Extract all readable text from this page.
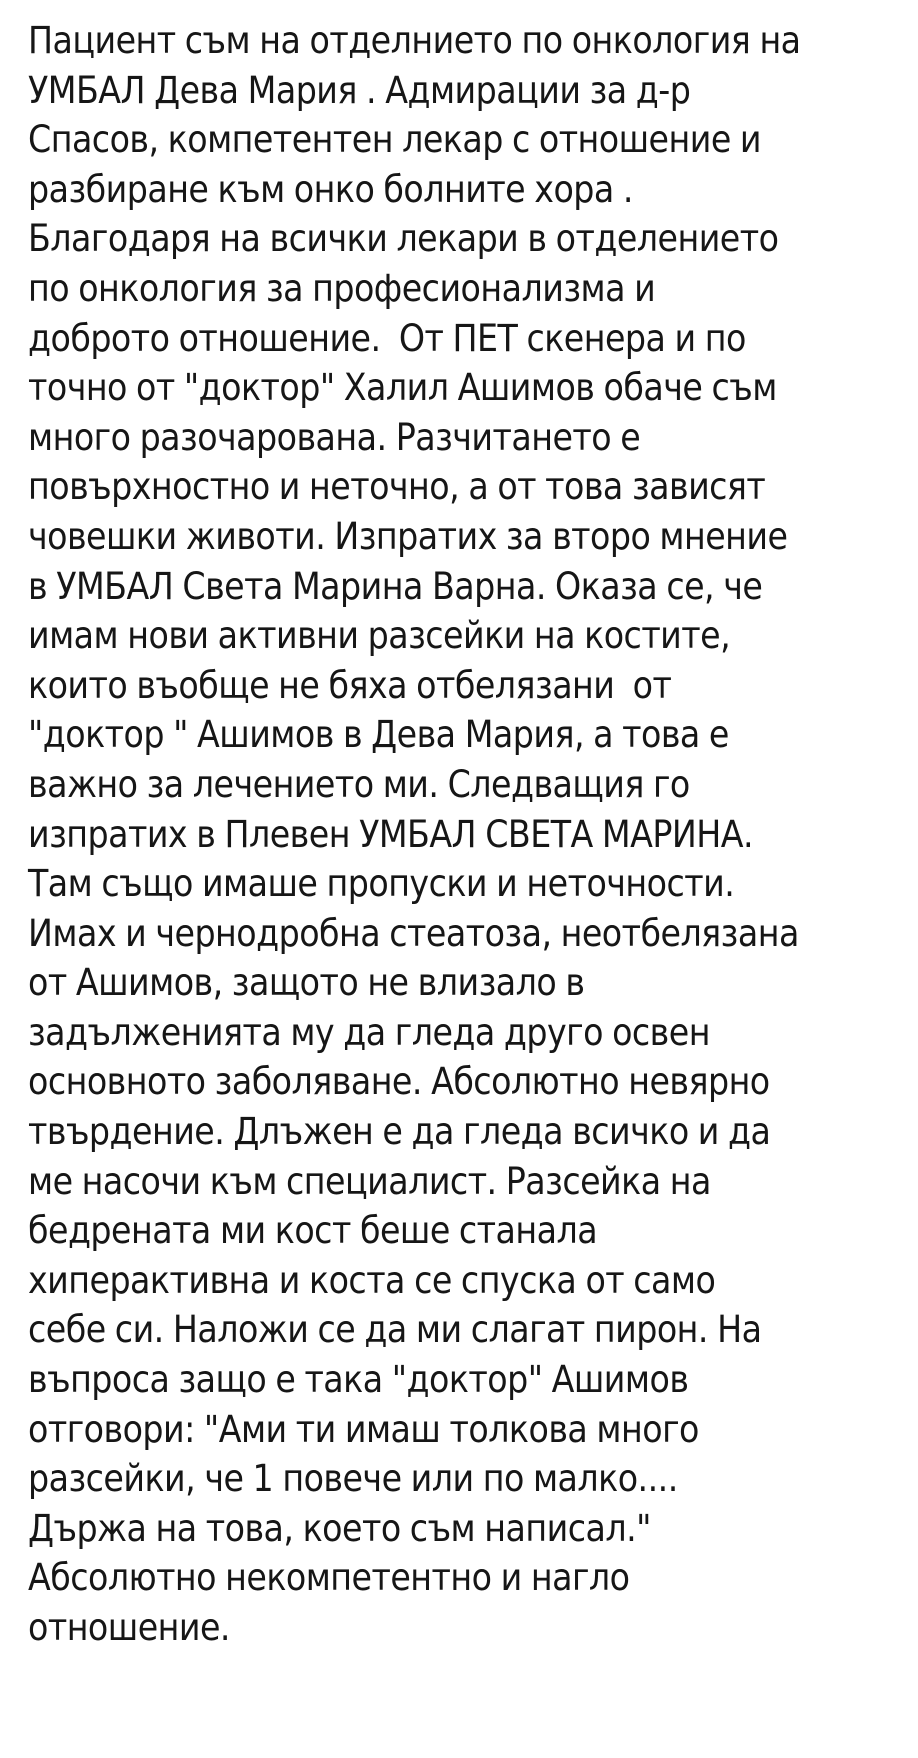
Пациент съм на отделнието по онкология на
УМБАЛ Дева Мария . Адмирации за д-р
Спасов, компетентен лекар с отношение и
разбиране към онко болните хора .
Благодаря на всички лекари в отделението
по онкология за професионализма и
доброто отношение.  От ПЕТ скенера и по
точно от "доктор" Халил Ашимов обаче съм
много разочарована. Разчитането е
повърхностно и неточно, а от това зависят
човешки животи. Изпратих за второ мнение
в УМБАЛ Света Марина Варна. Оказа се, че
имам нови активни разсейки на костите,
които въобще не бяха отбелязани  от
"доктор " Ашимов в Дева Мария, а това е
важно за лечението ми. Следващия го
изпратих в Плевен УМБАЛ СВЕТА МАРИНА.
Там също имаше пропуски и неточности.
Имах и чернодробна стеатоза, неотбелязана
от Ашимов, защото не влизало в
задълженията му да гледа друго освен
основното заболяване. Абсолютно невярно
твърдение. Длъжен е да гледа всичко и да
ме насочи към специалист. Разсейка на
бедрената ми кост беше станала
хиперактивна и коста се спуска от само
себе си. Наложи се да ми слагат пирон. На
въпроса защо е така "доктор" Ашимов
отговори: "Ами ти имаш толкова много
разсейки, че 1 повече или по малко....
Държа на това, което съм написал."
Абсолютно некомпетентно и нагло
отношение.
